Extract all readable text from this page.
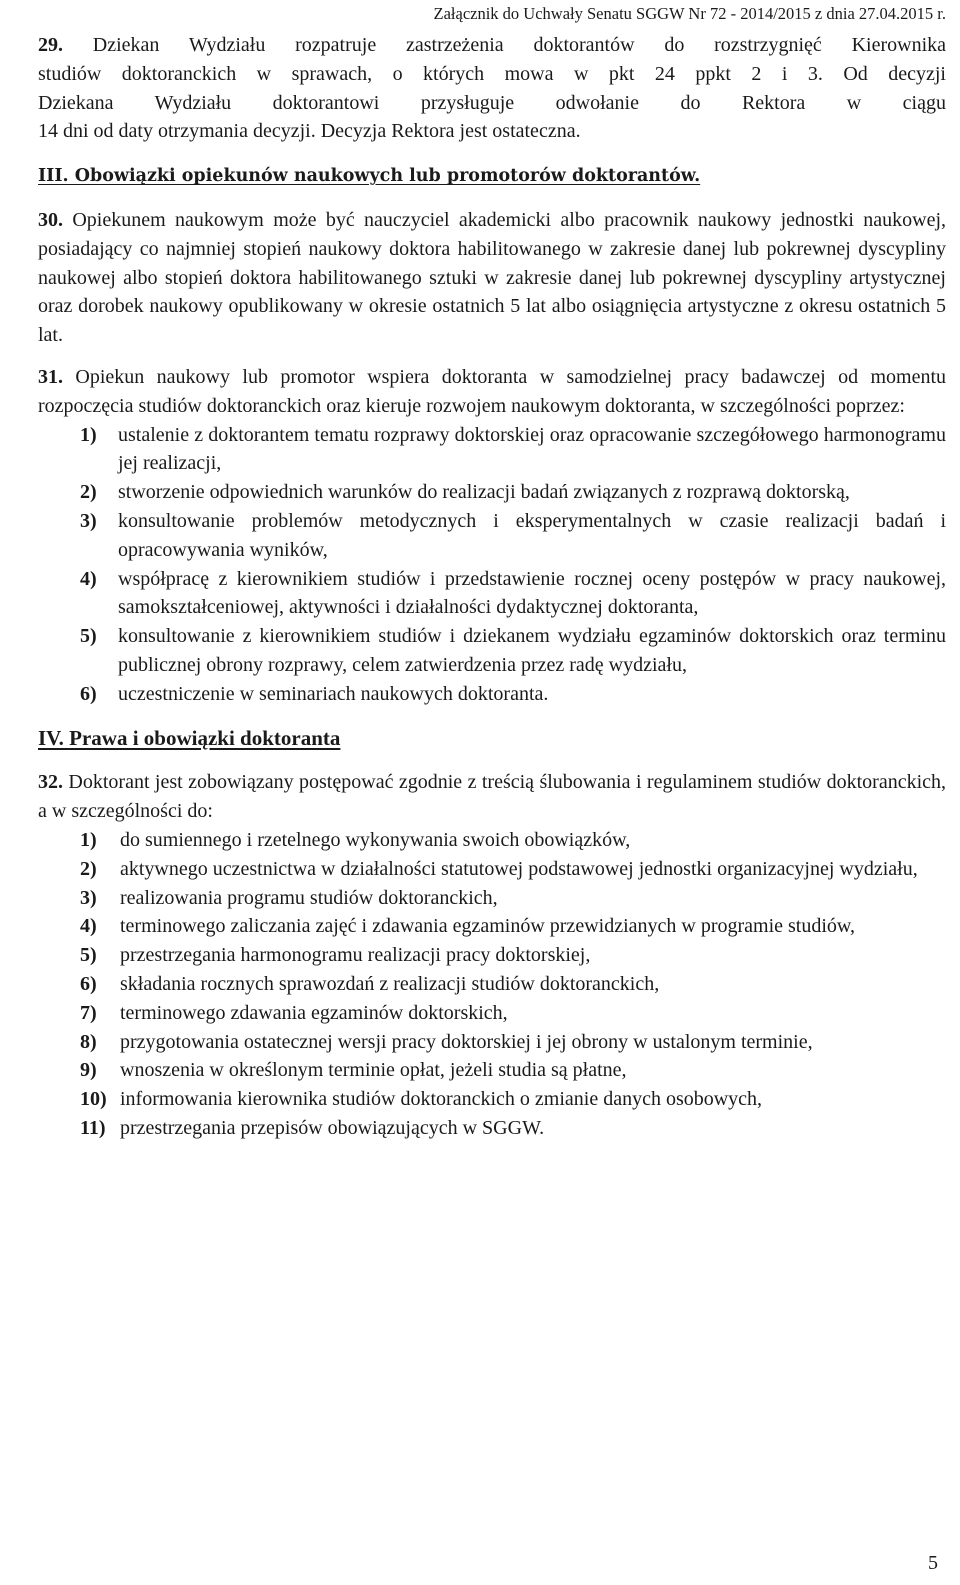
Załącznik do Uchwały Senatu SGGW Nr 72 - 2014/2015 z dnia 27.04.2015 r.

29. Dziekan Wydziału rozpatruje zastrzeżenia doktorantów do rozstrzygnięć Kierownika

studiów doktoranckich w sprawach, o których mowa w pkt 24 ppkt 2 i 3. Od decyzji

Dziekana Wydziału doktorantowi przysługuje odwołanie do Rektora w ciągu

14 dni od daty otrzymania decyzji. Decyzja Rektora jest ostateczna.

III. Obowiązki opiekunów naukowych lub promotorów doktorantów.

30. Opiekunem naukowym może być nauczyciel akademicki albo pracownik naukowy jednostki naukowej, posiadający co najmniej stopień naukowy doktora habilitowanego w zakresie danej lub pokrewnej dyscypliny naukowej albo stopień doktora habilitowanego sztuki w zakresie danej lub pokrewnej dyscypliny artystycznej oraz dorobek naukowy opublikowany w okresie ostatnich 5 lat albo osiągnięcia artystyczne z okresu ostatnich 5 lat.

31. Opiekun naukowy lub promotor wspiera doktoranta w samodzielnej pracy badawczej od momentu rozpoczęcia studiów doktoranckich oraz kieruje rozwojem naukowym doktoranta, w szczególności poprzez:

1) ustalenie z doktorantem tematu rozprawy doktorskiej oraz opracowanie szczegółowego harmonogramu jej realizacji,
2) stworzenie odpowiednich warunków do realizacji badań związanych z rozprawą doktorską,
3) konsultowanie problemów metodycznych i eksperymentalnych w czasie realizacji badań i opracowywania wyników,
4) współpracę z kierownikiem studiów i przedstawienie rocznej oceny postępów w pracy naukowej, samokształceniowej, aktywności i działalności dydaktycznej doktoranta,
5) konsultowanie z kierownikiem studiów i dziekanem wydziału egzaminów doktorskich oraz terminu publicznej obrony rozprawy, celem zatwierdzenia przez radę wydziału,
6) uczestniczenie w seminariach naukowych doktoranta.

IV. Prawa i obowiązki doktoranta

32. Doktorant jest zobowiązany postępować zgodnie z treścią ślubowania i regulaminem studiów doktoranckich, a w szczególności do:

1) do sumiennego i rzetelnego wykonywania swoich obowiązków,
2) aktywnego uczestnictwa w działalności statutowej podstawowej jednostki organizacyjnej wydziału,
3) realizowania programu studiów doktoranckich,
4) terminowego zaliczania zajęć i zdawania egzaminów przewidzianych w programie studiów,
5) przestrzegania harmonogramu realizacji pracy doktorskiej,
6) składania rocznych sprawozdań z realizacji studiów doktoranckich,
7) terminowego zdawania egzaminów doktorskich,
8) przygotowania ostatecznej wersji pracy doktorskiej i jej obrony w ustalonym terminie,
9) wnoszenia w określonym terminie opłat, jeżeli studia są płatne,
10) informowania kierownika studiów doktoranckich o zmianie danych osobowych,
11) przestrzegania przepisów obowiązujących w SGGW.
5
